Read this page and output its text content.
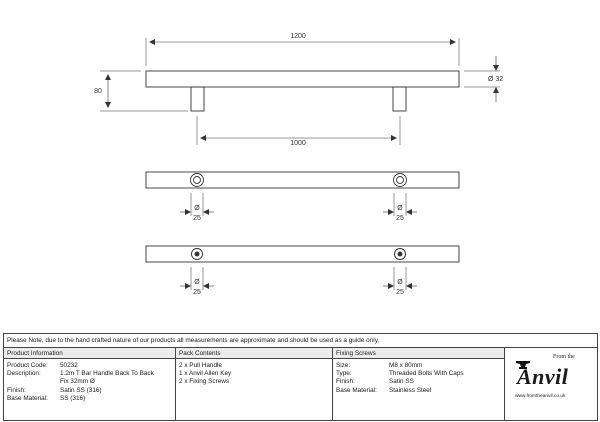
1200
80
Ø 32
1000
Ø
25
Ø
25
Ø
25
Ø
25
Please Note, due to the hand crafted nature of our products all measurements are approximate and should be used as a guide only.
Product Information
Product Code:	50232
Description:	1.2m T Bar Handle Back To Back
Fix 32mm Ø
Finish:	Satin SS (316)
Base Material:	SS (316)
Pack Contents
2 x Pull Handle
1 x Anvil Allen Key
2 x Fixing Screws
Fixing Screws
Size:	M8 x 80mm
Type:	Threaded Bolts With Caps
Finish:	Satin SS
Base Material:	Stainless Steel
From the
Anvil
www.fromtheanvil.co.uk
